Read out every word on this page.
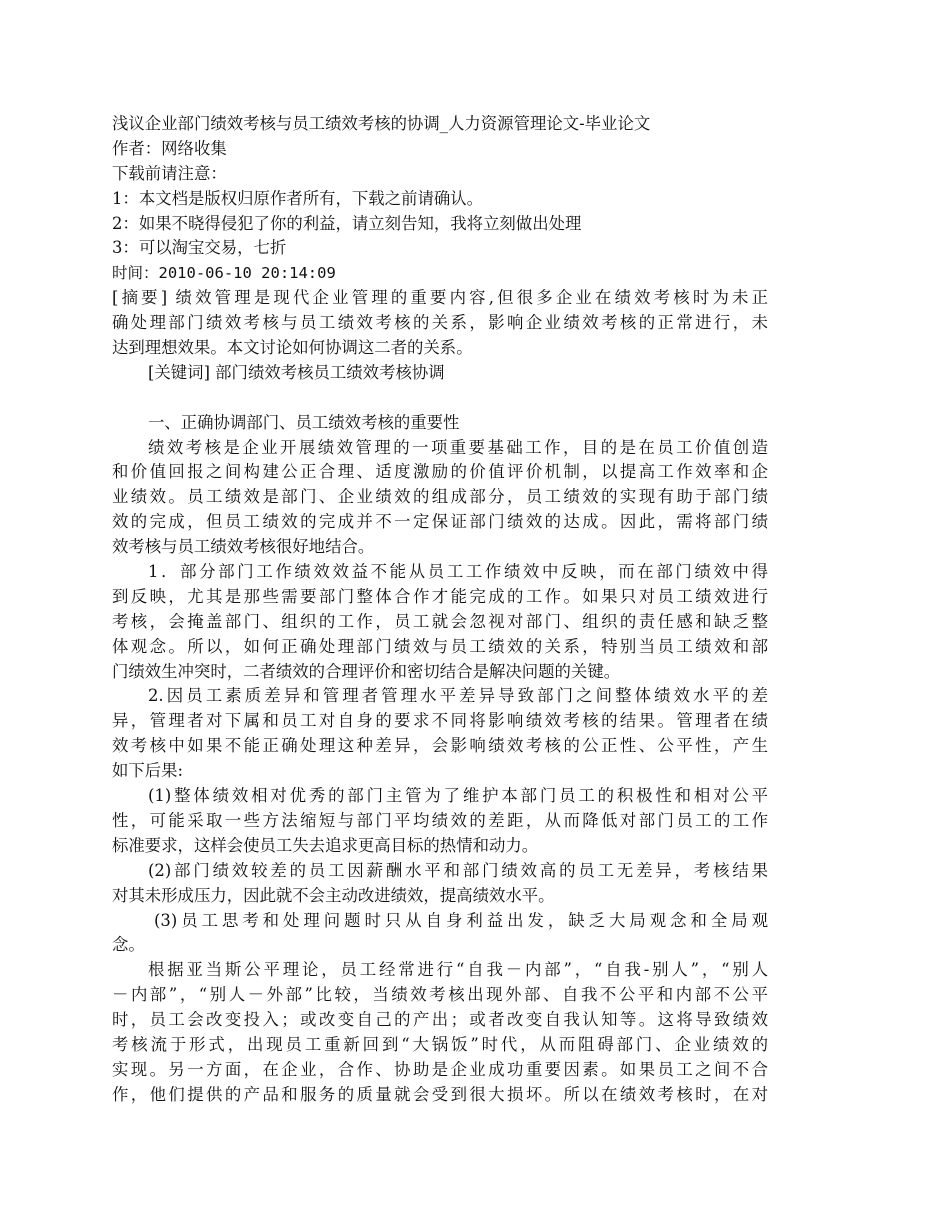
浅议企业部门绩效考核与员工绩效考核的协调_人力资源管理论文-毕业论文
作者：网络收集
下载前请注意：
1：本文档是版权归原作者所有，下载之前请确认。
2：如果不晓得侵犯了你的利益，请立刻告知，我将立刻做出处理
3：可以淘宝交易，七折
时间：2010-06-10 20:14:09
[摘要] 绩效管理是现代企业管理的重要内容,但很多企业在绩效考核时为未正
确处理部门绩效考核与员工绩效考核的关系，影响企业绩效考核的正常进行，未
达到理想效果。本文讨论如何协调这二者的关系。
[关键词] 部门绩效考核员工绩效考核协调
一、正确协调部门、员工绩效考核的重要性
绩效考核是企业开展绩效管理的一项重要基础工作，目的是在员工价值创造
和价值回报之间构建公正合理、适度激励的价值评价机制，以提高工作效率和企
业绩效。员工绩效是部门、企业绩效的组成部分，员工绩效的实现有助于部门绩
效的完成，但员工绩效的完成并不一定保证部门绩效的达成。因此，需将部门绩
效考核与员工绩效考核很好地结合。
1．部分部门工作绩效效益不能从员工工作绩效中反映，而在部门绩效中得
到反映，尤其是那些需要部门整体合作才能完成的工作。如果只对员工绩效进行
考核，会掩盖部门、组织的工作，员工就会忽视对部门、组织的责任感和缺乏整
体观念。所以，如何正确处理部门绩效与员工绩效的关系，特别当员工绩效和部
门绩效生冲突时，二者绩效的合理评价和密切结合是解决问题的关键。
2.因员工素质差异和管理者管理水平差异导致部门之间整体绩效水平的差
异，管理者对下属和员工对自身的要求不同将影响绩效考核的结果。管理者在绩
效考核中如果不能正确处理这种差异，会影响绩效考核的公正性、公平性，产生
如下后果:
(1)整体绩效相对优秀的部门主管为了维护本部门员工的积极性和相对公平
性，可能采取一些方法缩短与部门平均绩效的差距，从而降低对部门员工的工作
标准要求，这样会使员工失去追求更高目标的热情和动力。
(2)部门绩效较差的员工因薪酬水平和部门绩效高的员工无差异，考核结果
对其未形成压力，因此就不会主动改进绩效，提高绩效水平。
(3)员工思考和处理问题时只从自身利益出发，缺乏大局观念和全局观
念。
根据亚当斯公平理论，员工经常进行“自我－内部”，“自我-别人”，“别人
－内部”，“别人－外部”比较，当绩效考核出现外部、自我不公平和内部不公平
时，员工会改变投入；或改变自己的产出；或者改变自我认知等。这将导致绩效
考核流于形式，出现员工重新回到“大锅饭”时代，从而阻碍部门、企业绩效的
实现。另一方面，在企业，合作、协助是企业成功重要因素。如果员工之间不合
作，他们提供的产品和服务的质量就会受到很大损坏。所以在绩效考核时，在对
